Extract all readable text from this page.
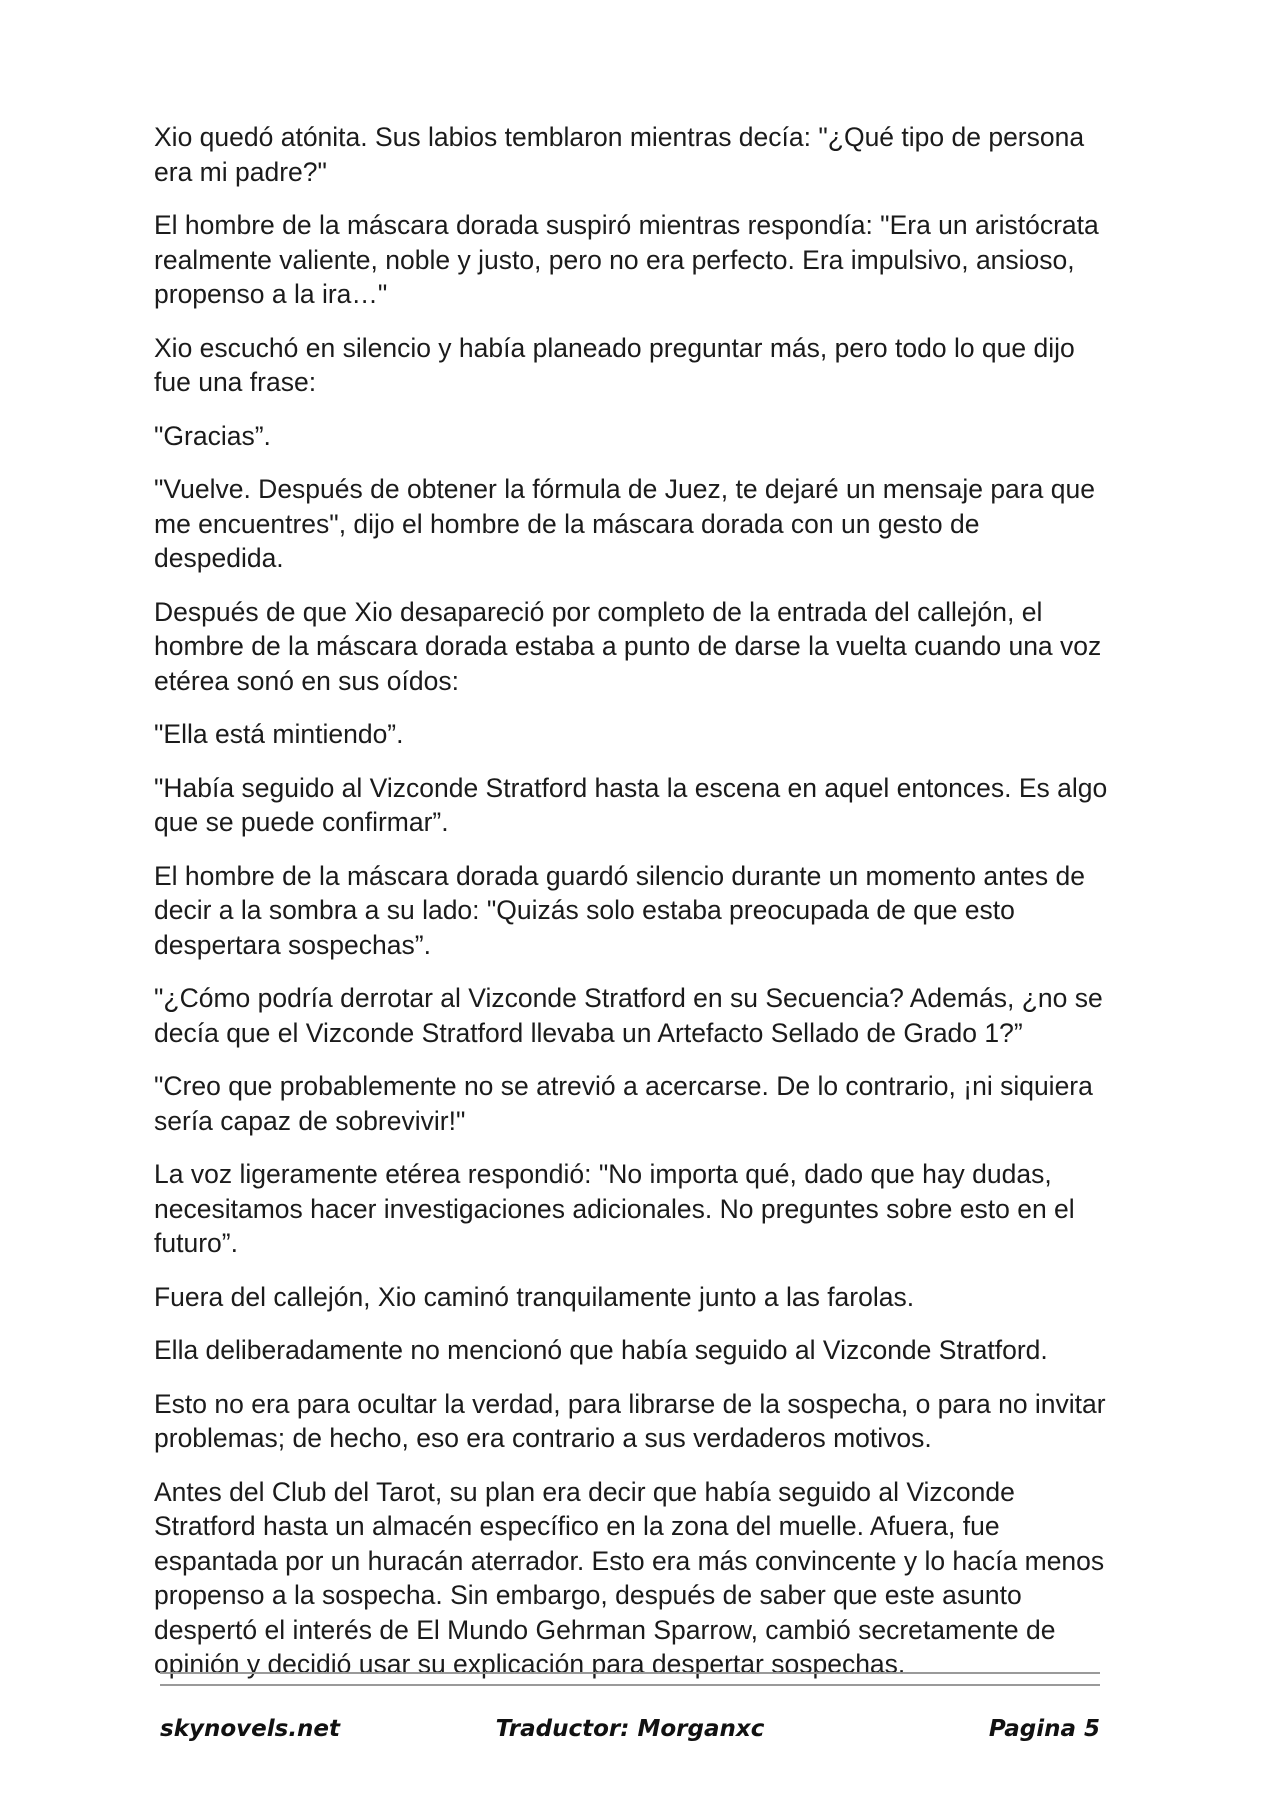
Xio quedó atónita. Sus labios temblaron mientras decía: "¿Qué tipo de persona era mi padre?"

El hombre de la máscara dorada suspiró mientras respondía: "Era un aristócrata realmente valiente, noble y justo, pero no era perfecto. Era impulsivo, ansioso, propenso a la ira…"

Xio escuchó en silencio y había planeado preguntar más, pero todo lo que dijo fue una frase:

"Gracias”.

"Vuelve. Después de obtener la fórmula de Juez, te dejaré un mensaje para que me encuentres", dijo el hombre de la máscara dorada con un gesto de despedida.

Después de que Xio desapareció por completo de la entrada del callejón, el hombre de la máscara dorada estaba a punto de darse la vuelta cuando una voz etérea sonó en sus oídos:

"Ella está mintiendo”.

"Había seguido al Vizconde Stratford hasta la escena en aquel entonces. Es algo que se puede confirmar”.

El hombre de la máscara dorada guardó silencio durante un momento antes de decir a la sombra a su lado: "Quizás solo estaba preocupada de que esto despertara sospechas”.

"¿Cómo podría derrotar al Vizconde Stratford en su Secuencia? Además, ¿no se decía que el Vizconde Stratford llevaba un Artefacto Sellado de Grado 1?”

"Creo que probablemente no se atrevió a acercarse. De lo contrario, ¡ni siquiera sería capaz de sobrevivir!"

La voz ligeramente etérea respondió: "No importa qué, dado que hay dudas, necesitamos hacer investigaciones adicionales. No preguntes sobre esto en el futuro”.

Fuera del callejón, Xio caminó tranquilamente junto a las farolas.

Ella deliberadamente no mencionó que había seguido al Vizconde Stratford.

Esto no era para ocultar la verdad, para librarse de la sospecha, o para no invitar problemas; de hecho, eso era contrario a sus verdaderos motivos.

Antes del Club del Tarot, su plan era decir que había seguido al Vizconde Stratford hasta un almacén específico en la zona del muelle. Afuera, fue espantada por un huracán aterrador. Esto era más convincente y lo hacía menos propenso a la sospecha. Sin embargo, después de saber que este asunto despertó el interés de El Mundo Gehrman Sparrow, cambió secretamente de opinión y decidió usar su explicación para despertar sospechas.

skynovels.net	Traductor: Morganxc	Pagina 5
